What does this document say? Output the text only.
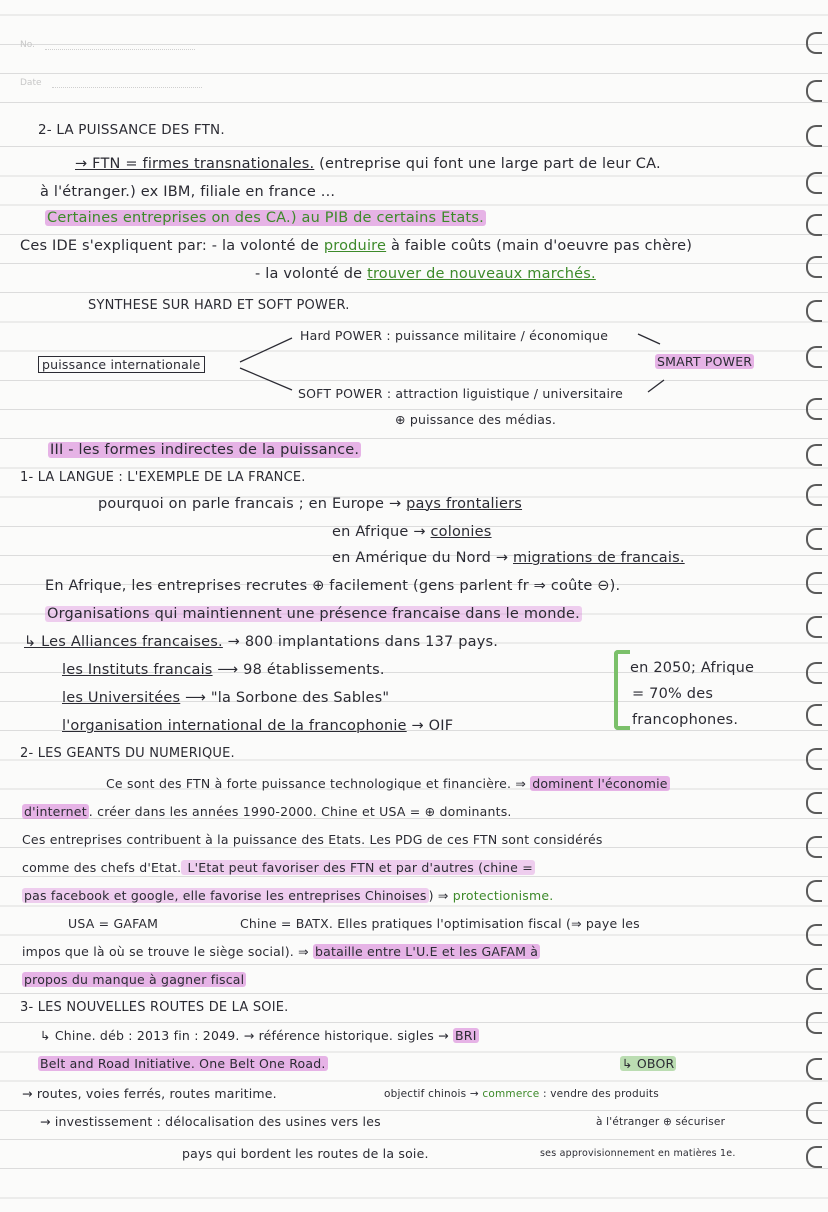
No.
Date
2- LA PUISSANCE DES FTN.
→ FTN = firmes transnationales. (entreprise qui font une large part de leur CA.
à l'étranger.) ex IBM, filiale en france ...
Certaines entreprises on des CA.) au PIB de certains Etats.
Ces IDE s'expliquent par: - la volonté de produire à faible coûts (main d'oeuvre pas chère)
- la volonté de trouver de nouveaux marchés.
SYNTHESE SUR HARD ET SOFT POWER.
Hard POWER : puissance militaire / économique
puissance internationale	SMART POWER
SOFT POWER : attraction liguistique / universitaire
⊕ puissance des médias.
III - les formes indirectes de la puissance.
1- LA LANGUE : L'EXEMPLE DE LA FRANCE.
pourquoi on parle francais ; en Europe → pays frontaliers
en Afrique → colonies
en Amérique du Nord → migrations de francais.
En Afrique, les entreprises recrutes ⊕ facilement (gens parlent fr ⇒ coûte ⊖).
Organisations qui maintiennent une présence francaise dans le monde.
↳ Les Alliances francaises. → 800 implantations dans 137 pays.
les Instituts francais ⟶ 98 établissements.
les Universitées ⟶ "la Sorbone des Sables"
l'organisation international de la francophonie → OIF
en 2050; Afrique
= 70% des
francophones.
2- LES GEANTS DU NUMERIQUE.
Ce sont des FTN à forte puissance technologique et financière. ⇒ dominent l'économie
d'internet . créer dans les années 1990-2000. Chine et USA = ⊕ dominants.
Ces entreprises contribuent à la puissance des Etats. Les PDG de ces FTN sont considérés
comme des chefs d'Etat. L'Etat peut favoriser des FTN et par d'autres (chine =
pas facebook et google, elle favorise les entreprises Chinoises ) ⇒ protectionisme.
USA = GAFAM	Chine = BATX. Elles pratiques l'optimisation fiscal (⇒ paye les
impos que là où se trouve le siège social). ⇒ bataille entre L'U.E et les GAFAM à
propos du manque à gagner fiscal
3- LES NOUVELLES ROUTES DE LA SOIE.
↳ Chine. déb : 2013 fin : 2049. → référence historique. sigles → BRI
Belt and Road Initiative. One Belt One Road.	↳ OBOR
→ routes, voies ferrés, routes maritime.	objectif chinois → commerce : vendre des produits
→ investissement : délocalisation des usines vers les	à l'étranger ⊕ sécuriser
pays qui bordent les routes de la soie.	ses approvisionnement en matières 1e.
